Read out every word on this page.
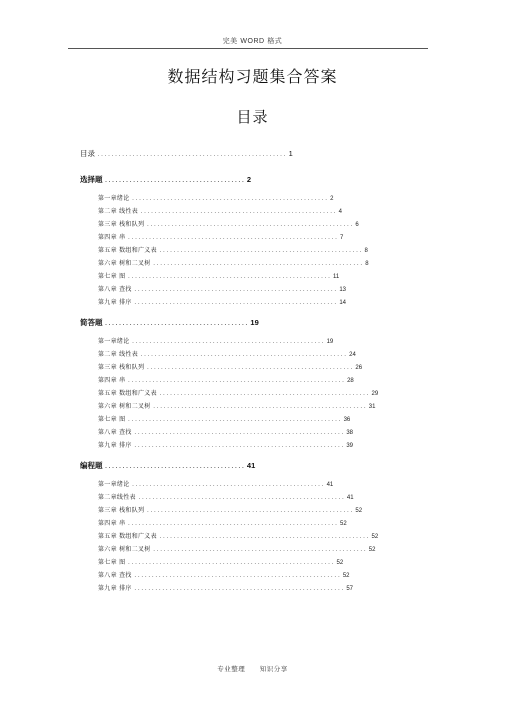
完美 WORD 格式
数据结构习题集合答案
目录
目录 ...................................................... 1
选择题 ........................................ 2
第一章绪论 ........................................................ 2
第二章 线性表 ........................................................ 4
第三章 栈和队列 ........................................................... 6
第四章 串 ............................................................ 7
第五章 数组和广义表 .......................................................... 8
第六章 树和二叉树 ............................................................ 8
第七章 图 .......................................................... 11
第八章 查找 .......................................................... 13
第九章 排序 .......................................................... 14
简答题 ......................................... 19
第一章绪论 ....................................................... 19
第二章 线性表 ........................................................... 24
第三章 栈和队列 ........................................................... 26
第四章 串 .............................................................. 28
第五章 数组和广义表 ............................................................ 29
第六章 树和二叉树 ............................................................. 31
第七章 图 ............................................................. 36
第八章 查找 ............................................................ 38
第九章 排序 ............................................................ 39
编程题 ........................................ 41
第一章绪论 ....................................................... 41
第二章线性表 ........................................................... 41
第三章 栈和队列 ........................................................... 52
第四章 串 ............................................................ 52
第五章 数组和广义表 ............................................................ 52
第六章 树和二叉树 ............................................................. 52
第七章 图 ........................................................... 52
第八章 查找 ........................................................... 52
第九章 排序 ............................................................ 57
专业整理 知识分享
